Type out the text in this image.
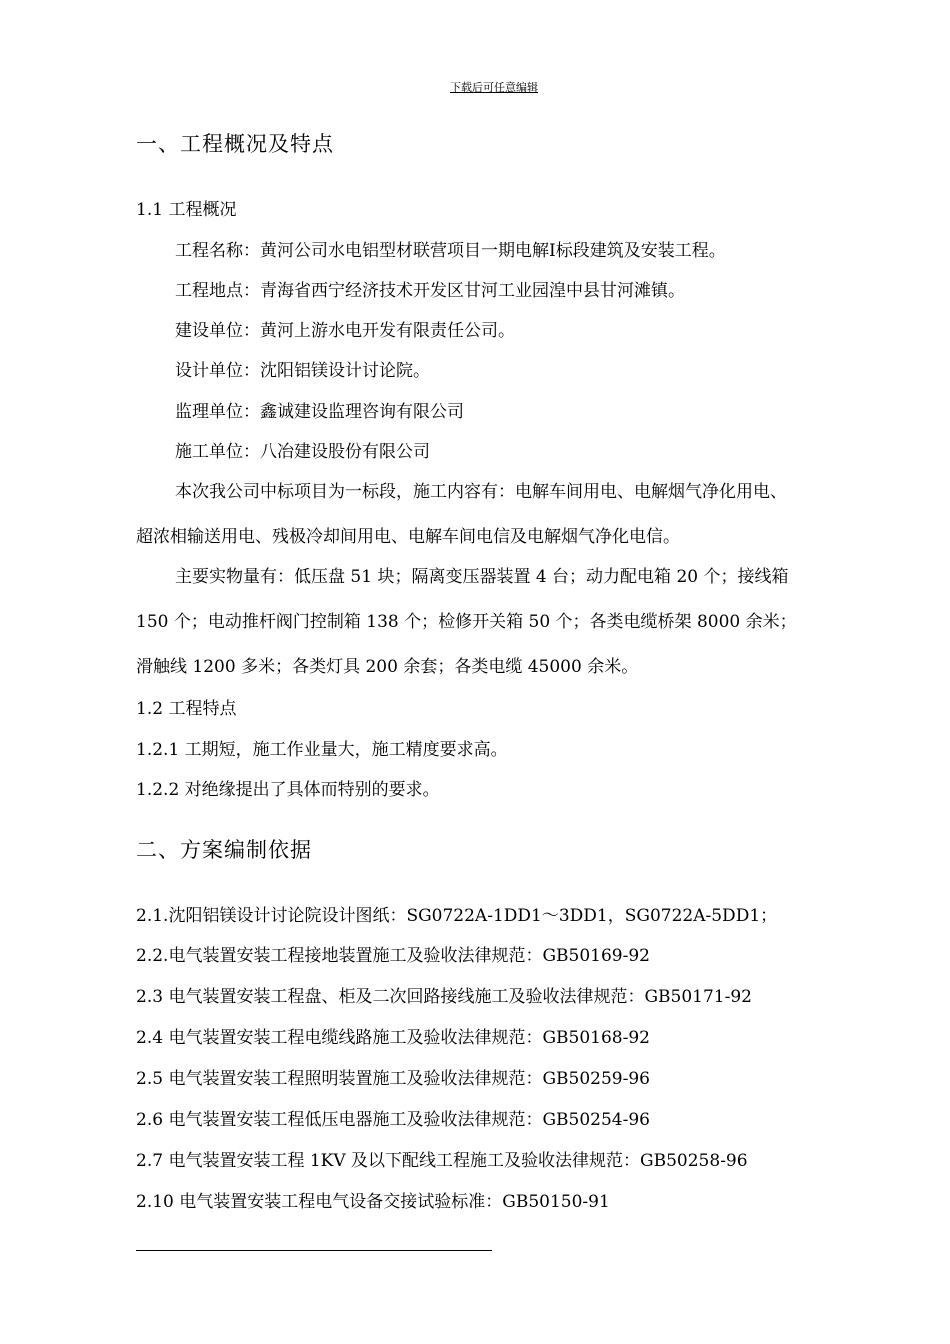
下载后可任意编辑
一、工程概况及特点
1.1 工程概况
工程名称：黄河公司水电铝型材联营项目一期电解Ⅰ标段建筑及安装工程。
工程地点：青海省西宁经济技术开发区甘河工业园湟中县甘河滩镇。
建设单位：黄河上游水电开发有限责任公司。
设计单位：沈阳铝镁设计讨论院。
监理单位：鑫诚建设监理咨询有限公司
施工单位：八冶建设股份有限公司
本次我公司中标项目为一标段，施工内容有：电解车间用电、电解烟气净化用电、
超浓相输送用电、残极冷却间用电、电解车间电信及电解烟气净化电信。
主要实物量有：低压盘 51 块；隔离变压器装置 4 台；动力配电箱 20 个；接线箱
150 个；电动推杆阀门控制箱 138 个；检修开关箱 50 个；各类电缆桥架 8000 余米；
滑触线 1200 多米；各类灯具 200 余套；各类电缆 45000 余米。
1.2 工程特点
1.2.1 工期短，施工作业量大，施工精度要求高。
1.2.2 对绝缘提出了具体而特别的要求。
二、方案编制依据
2.1.沈阳铝镁设计讨论院设计图纸：SG0722A-1DD1～3DD1，SG0722A-5DD1；
2.2.电气装置安装工程接地装置施工及验收法律规范：GB50169-92
2.3 电气装置安装工程盘、柜及二次回路接线施工及验收法律规范：GB50171-92
2.4 电气装置安装工程电缆线路施工及验收法律规范：GB50168-92
2.5 电气装置安装工程照明装置施工及验收法律规范：GB50259-96
2.6 电气装置安装工程低压电器施工及验收法律规范：GB50254-96
2.7 电气装置安装工程 1KV 及以下配线工程施工及验收法律规范：GB50258-96
2.10 电气装置安装工程电气设备交接试验标准：GB50150-91
